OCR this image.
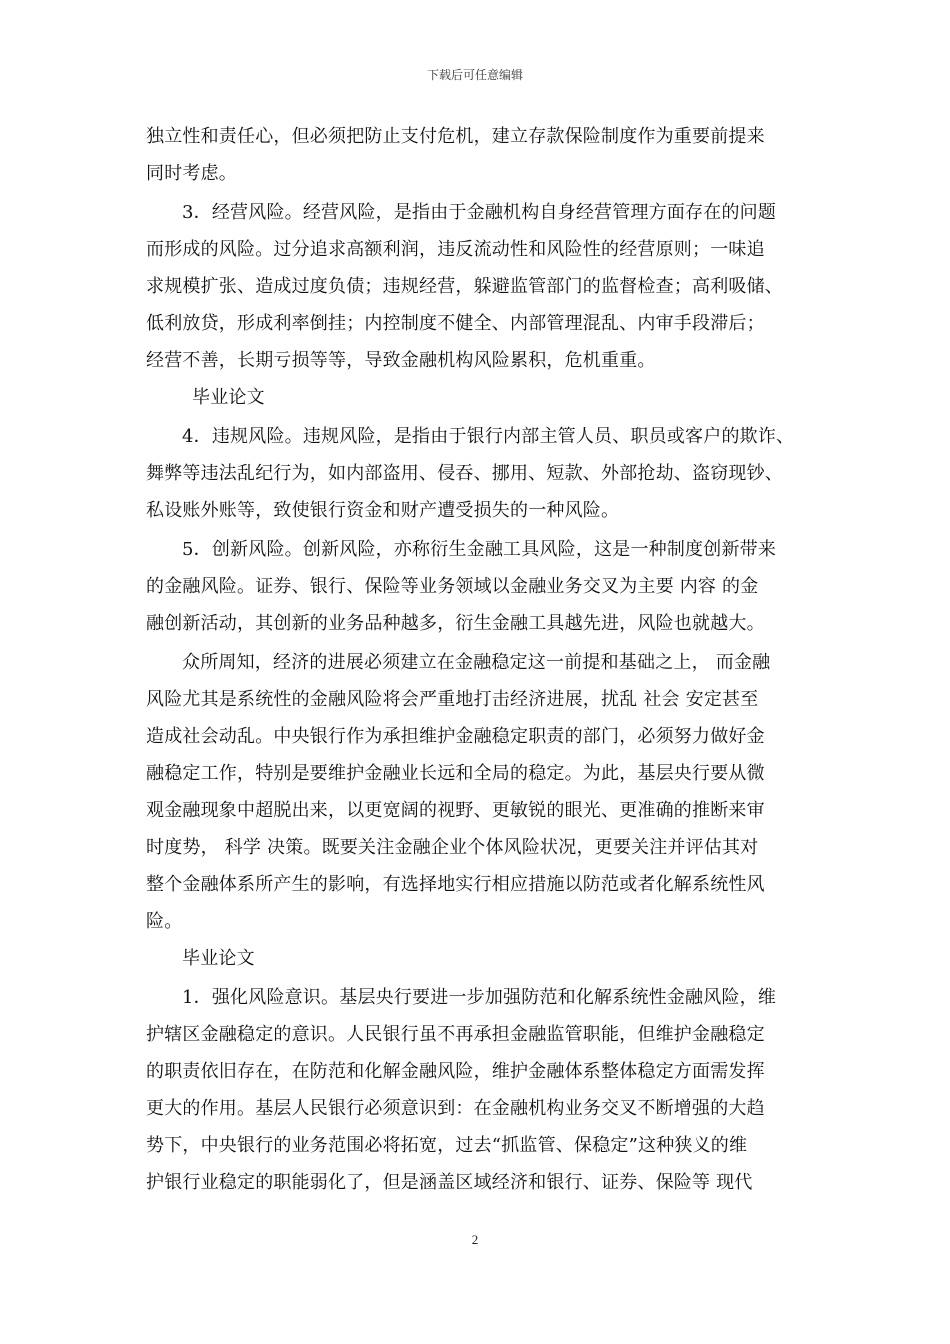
下载后可任意编辑
独立性和责任心，但必须把防止支付危机，建立存款保险制度作为重要前提来
同时考虑。
3．经营风险。经营风险，是指由于金融机构自身经营管理方面存在的问题
而形成的风险。过分追求高额利润，违反流动性和风险性的经营原则；一味追
求规模扩张、造成过度负债；违规经营，躲避监管部门的监督检查；高利吸储、
低利放贷，形成利率倒挂；内控制度不健全、内部管理混乱、内审手段滞后；
经营不善，长期亏损等等，导致金融机构风险累积，危机重重。
毕业论文
4．违规风险。违规风险，是指由于银行内部主管人员、职员或客户的欺诈、
舞弊等违法乱纪行为，如内部盗用、侵吞、挪用、短款、外部抢劫、盗窃现钞、
私设账外账等，致使银行资金和财产遭受损失的一种风险。
5．创新风险。创新风险，亦称衍生金融工具风险，这是一种制度创新带来
的金融风险。证券、银行、保险等业务领域以金融业务交叉为主要 内容 的金
融创新活动，其创新的业务品种越多，衍生金融工具越先进，风险也就越大。
众所周知，经济的进展必须建立在金融稳定这一前提和基础之上， 而金融
风险尤其是系统性的金融风险将会严重地打击经济进展，扰乱 社会 安定甚至
造成社会动乱。中央银行作为承担维护金融稳定职责的部门，必须努力做好金
融稳定工作，特别是要维护金融业长远和全局的稳定。为此，基层央行要从微
观金融现象中超脱出来，以更宽阔的视野、更敏锐的眼光、更准确的推断来审
时度势， 科学 决策。既要关注金融企业个体风险状况，更要关注并评估其对
整个金融体系所产生的影响，有选择地实行相应措施以防范或者化解系统性风
险。
毕业论文
1．强化风险意识。基层央行要进一步加强防范和化解系统性金融风险，维
护辖区金融稳定的意识。人民银行虽不再承担金融监管职能，但维护金融稳定
的职责依旧存在，在防范和化解金融风险，维护金融体系整体稳定方面需发挥
更大的作用。基层人民银行必须意识到：在金融机构业务交叉不断增强的大趋
势下，中央银行的业务范围必将拓宽，过去“抓监管、保稳定”这种狭义的维
护银行业稳定的职能弱化了，但是涵盖区域经济和银行、证券、保险等 现代
2
